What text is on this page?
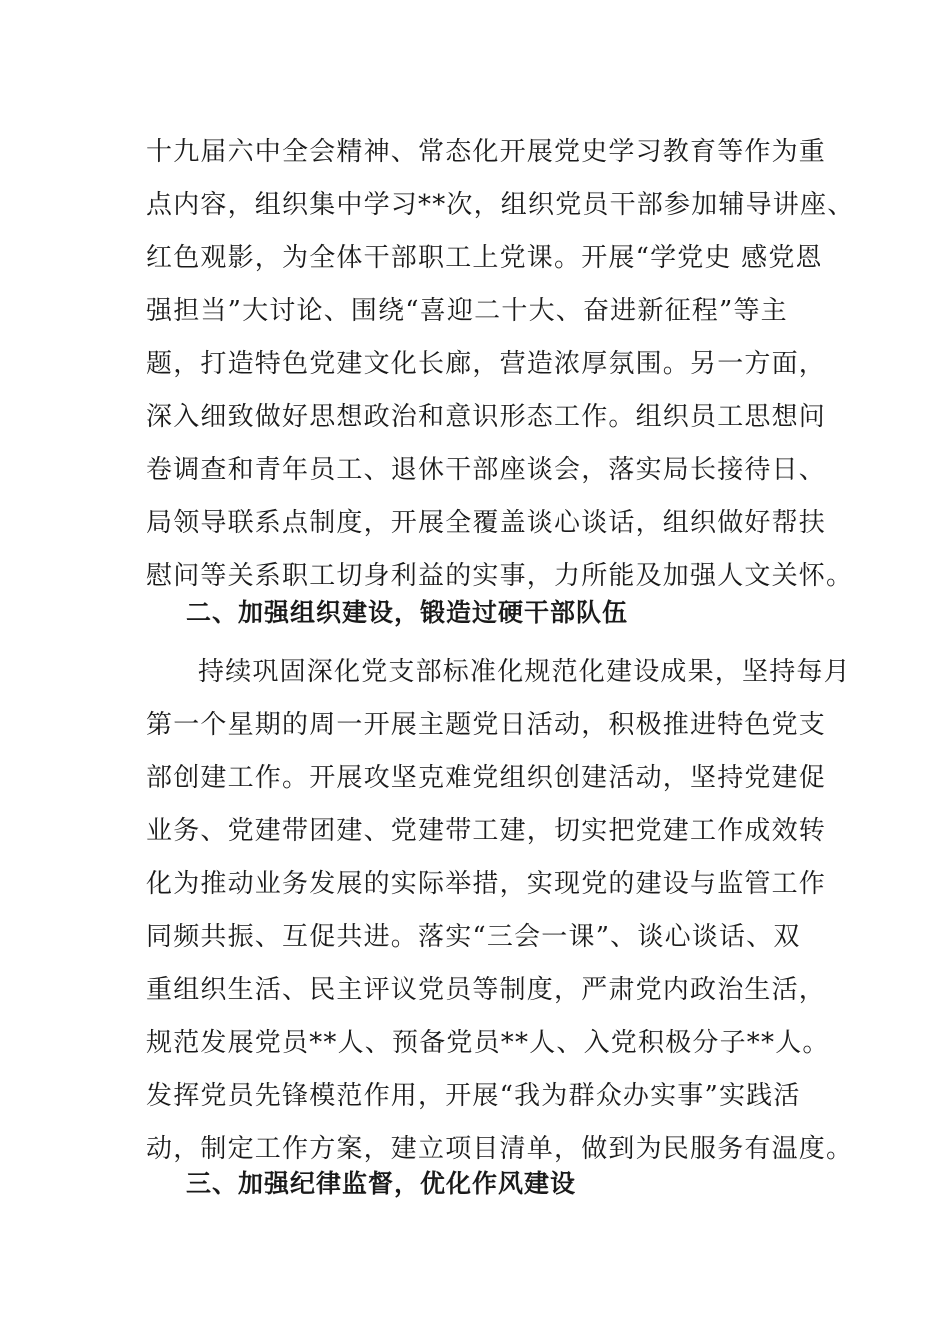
十九届六中全会精神、常态化开展党史学习教育等作为重
点内容，组织集中学习**次，组织党员干部参加辅导讲座、
红色观影，为全体干部职工上党课。开展“学党史 感党恩
强担当”大讨论、围绕“喜迎二十大、奋进新征程”等主
题，打造特色党建文化长廊，营造浓厚氛围。另一方面，
深入细致做好思想政治和意识形态工作。组织员工思想问
卷调查和青年员工、退休干部座谈会，落实局长接待日、
局领导联系点制度，开展全覆盖谈心谈话，组织做好帮扶
慰问等关系职工切身利益的实事，力所能及加强人文关怀。
二、加强组织建设，锻造过硬干部队伍
持续巩固深化党支部标准化规范化建设成果，坚持每月
第一个星期的周一开展主题党日活动，积极推进特色党支
部创建工作。开展攻坚克难党组织创建活动，坚持党建促
业务、党建带团建、党建带工建，切实把党建工作成效转
化为推动业务发展的实际举措，实现党的建设与监管工作
同频共振、互促共进。落实“三会一课”、谈心谈话、双
重组织生活、民主评议党员等制度，严肃党内政治生活，
规范发展党员**人、预备党员**人、入党积极分子**人。
发挥党员先锋模范作用，开展“我为群众办实事”实践活
动，制定工作方案，建立项目清单，做到为民服务有温度。
三、加强纪律监督，优化作风建设
